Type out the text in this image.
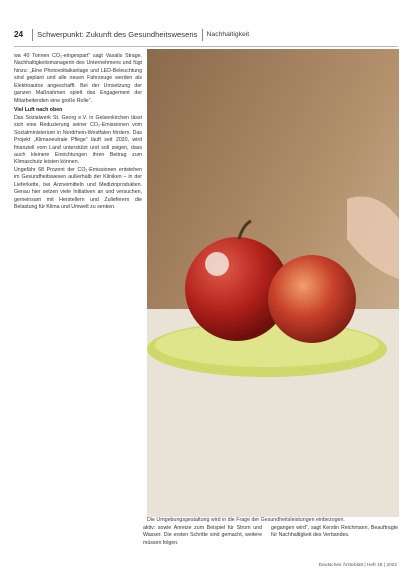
24 Schwerpunkt: Zukunft des Gesundheitswesens Nachhaltigkeit

wa 40 Tonnen CO₂-eingespart“ sagt Vasalis Strage. Nachhaltigkeitsmanagerin des Unternehmens und fügt hinzu: „Eine Photovoltaikanlage und LED-Beleuchtung sind geplant und alle neuen Fahrzeuge werden als Elektroautos angeschafft. Bei der Umsetzung der ganzen Maßnahmen spielt das Engagement der Mitarbeitenden eine große Rolle“.

Viel Luft nach oben

Das Sozialwerk St. Georg e.V. in Gelsenkirchen lässt sich eine Reduzierung seiner CO₂-Emissionen vom Sozialministerium in Nordrhein-Westfalen fördern. Das Projekt „Klimaneutrale Pflege“ läuft seit 2020, wird finanziell vom Land unterstützt und soll zeigen, dass auch kleinere Einrichtungen ihren Beitrag zum Klimaschutz leisten können.

Ungefähr 68 Prozent der CO₂-Emissionen entstehen im Gesundheitswesen außerhalb der Kliniken – in der Lieferkette, bei Arzneimitteln und Medizinprodukten. Genau hier setzen viele Initiativen an und versuchen, gemeinsam mit Herstellern und Zulieferern die Belastung für Klima und Umwelt zu senken.

Die Umgebungsgestaltung wird in die Frage der Gesundheitsleistungen einbezogen.

aktiv: sowie Anreize zum Beispiel für Strom und Wasser. Die ersten Schritte sind gemacht, weitere müssen folgen.

gegangen wird“, sagt Kerstin Reichmann, Beauftragte für Nachhaltigkeit des Verbandes.

Deutsches Ärzteblatt | Heft 18 | 2022
